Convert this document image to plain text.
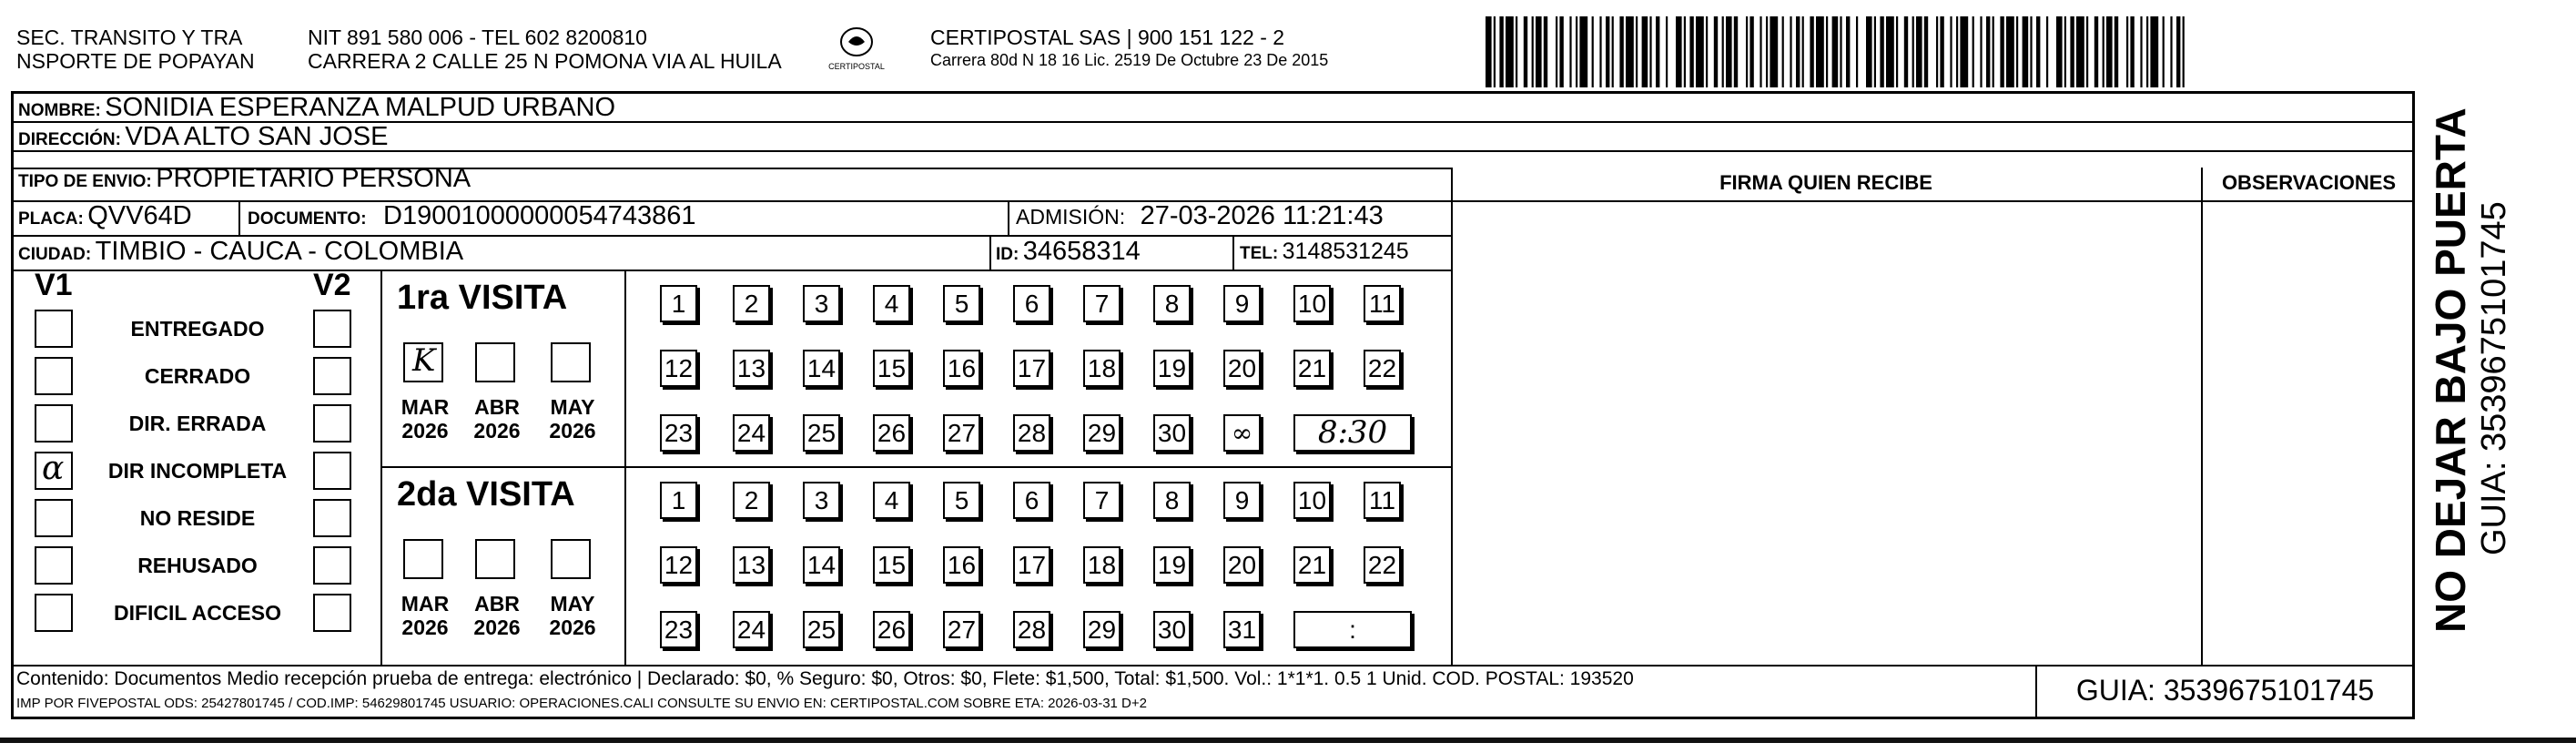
SEC. TRANSITO Y TRA
NSPORTE DE POPAYAN
NIT 891 580 006 - TEL 602 8200810
CARRERA 2 CALLE 25 N POMONA VIA AL HUILA	CERTIPOSTAL
CERTIPOSTAL SAS | 900 151 122 - 2
Carrera 80d N 18 16 Lic. 2519 De Octubre 23 De 2015
NOMBRE: SONIDIA ESPERANZA MALPUD URBANO
DIRECCIÓN: VDA ALTO SAN JOSE
TIPO DE ENVIO: PROPIETARIO PERSONA
PLACA: QVV64D	DOCUMENTO: D19001000000054743861	ADMISIÓN: 27-03-2026 11:21:43
CIUDAD: TIMBIO - CAUCA - COLOMBIA	ID: 34658314	TEL: 3148531245
FIRMA QUIEN RECIBE	OBSERVACIONES
V1	V2
ENTREGADO
CERRADO
DIR. ERRADA
α	DIR INCOMPLETA
NO RESIDE
REHUSADO
DIFICIL ACCESO
1ra VISITA
K
MAR
2026
ABR
2026
MAY
2026
1	2	3	4	5	6	7	8	9	10 11
12 13 14 15 16 17 18 19 20 21 22
23 24 25 26 27 28 29 30	∞	8:30
2da VISITA
MAR
2026
ABR
2026
MAY
2026
1	2	3	4	5	6	7	8	9	10 11
12 13 14 15 16 17 18 19 20 21 22
23 24 25 26 27 28 29 30 31	:
Contenido: Documentos Medio recepción prueba de entrega: electrónico | Declarado: $0, % Seguro: $0, Otros: $0, Flete: $1,500, Total: $1,500. Vol.: 1*1*1. 0.5 1 Unid. COD. POSTAL: 193520
IMP POR FIVEPOSTAL ODS: 25427801745 / COD.IMP: 54629801745 USUARIO: OPERACIONES.CALI CONSULTE SU ENVIO EN: CERTIPOSTAL.COM SOBRE ETA: 2026-03-31 D+2	GUIA: 3539675101745
NO DEJAR BAJO PUERTA GUIA: 3539675101745
